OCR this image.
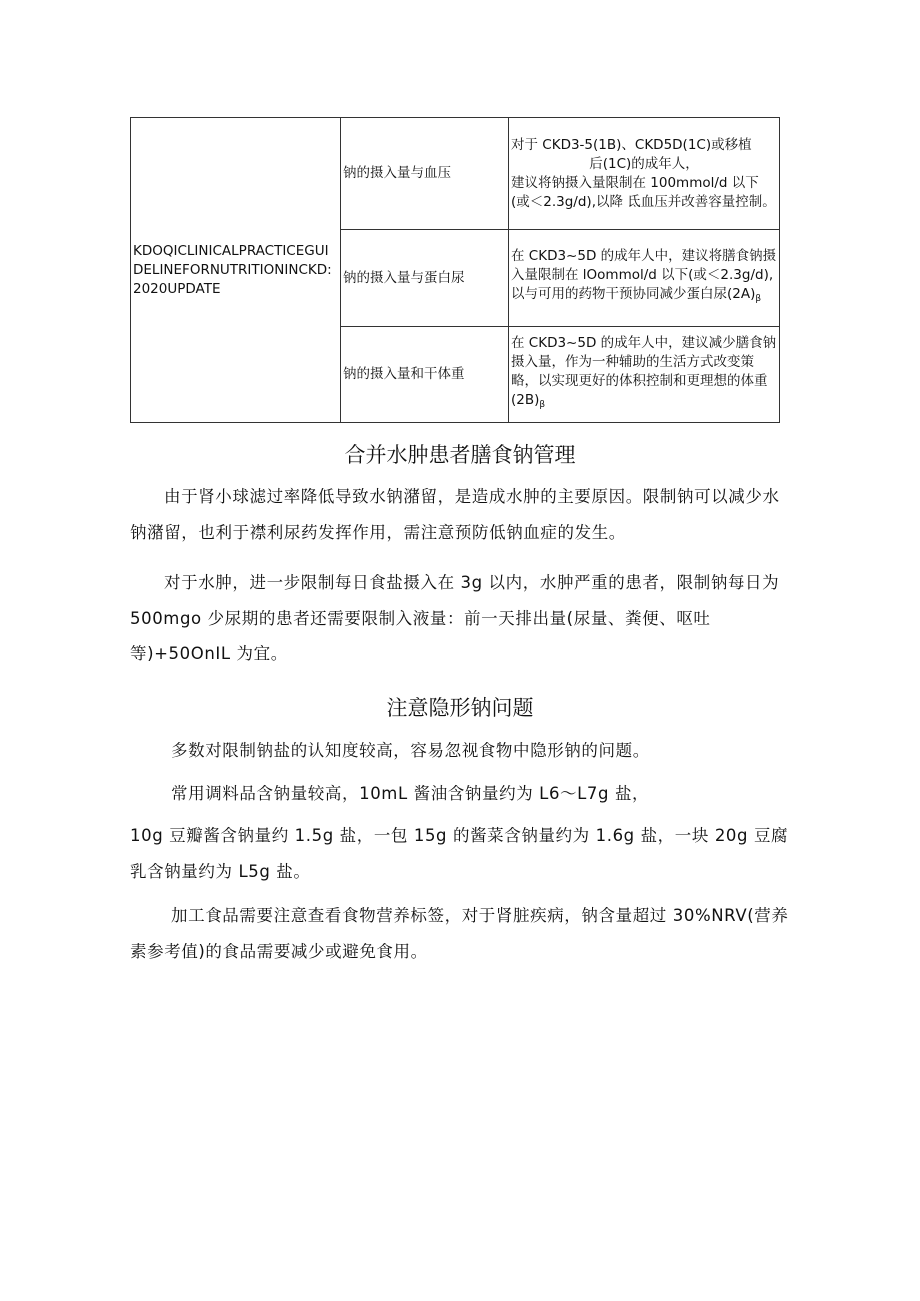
KDOQICLINICALPRACTICEGUIDELINEFORNUTRITIONINCKD:2020UPDATE	钠的摄入量与血压	对于 CKD3-5(1B)、CKD5D(1C)或移植
后(1C)的成年人，
建议将钠摄入量限制在 100mmol/d 以下(或＜2.3g/d),以降 氐血压并改善容量控制。

	钠的摄入量与蛋白尿	在 CKD3~5D 的成年人中，建议将膳食钠摄入量限制在 lOommol/d 以下(或＜2.3g/d),以与可用的药物干预协同减少蛋白尿$(2A)_\beta$
	钠的摄入量和干体重	在 CKD3~5D 的成年人中，建议减少膳食钠摄入量，作为一种辅助的生活方式改变策略，以实现更好的体积控制和更理想的体重$(2B)_\beta$
合并水肿患者膳食钠管理

由于肾小球滤过率降低导致水钠潴留，是造成水肿的主要原因。限制钠可以减少水钠潴留，也利于襟利尿药发挥作用，需注意预防低钠血症的发生。

对于水肿，进一步限制每日食盐摄入在 3g 以内，水肿严重的患者，限制钠每日为 500mgo 少尿期的患者还需要限制入液量：前一天排出量(尿量、粪便、呕吐等)+50OnIL 为宜。

注意隐形钠问题

多数对限制钠盐的认知度较高，容易忽视食物中隐形钠的问题。

常用调料品含钠量较高，10mL 酱油含钠量约为 L6〜L7g 盐，

10g 豆瓣酱含钠量约 1.5g 盐，一包 15g 的酱菜含钠量约为 1.6g 盐，一块 20g 豆腐乳含钠量约为 L5g 盐。

加工食品需要注意查看食物营养标签，对于肾脏疾病，钠含量超过 30%NRV(营养素参考值)的食品需要减少或避免食用。
